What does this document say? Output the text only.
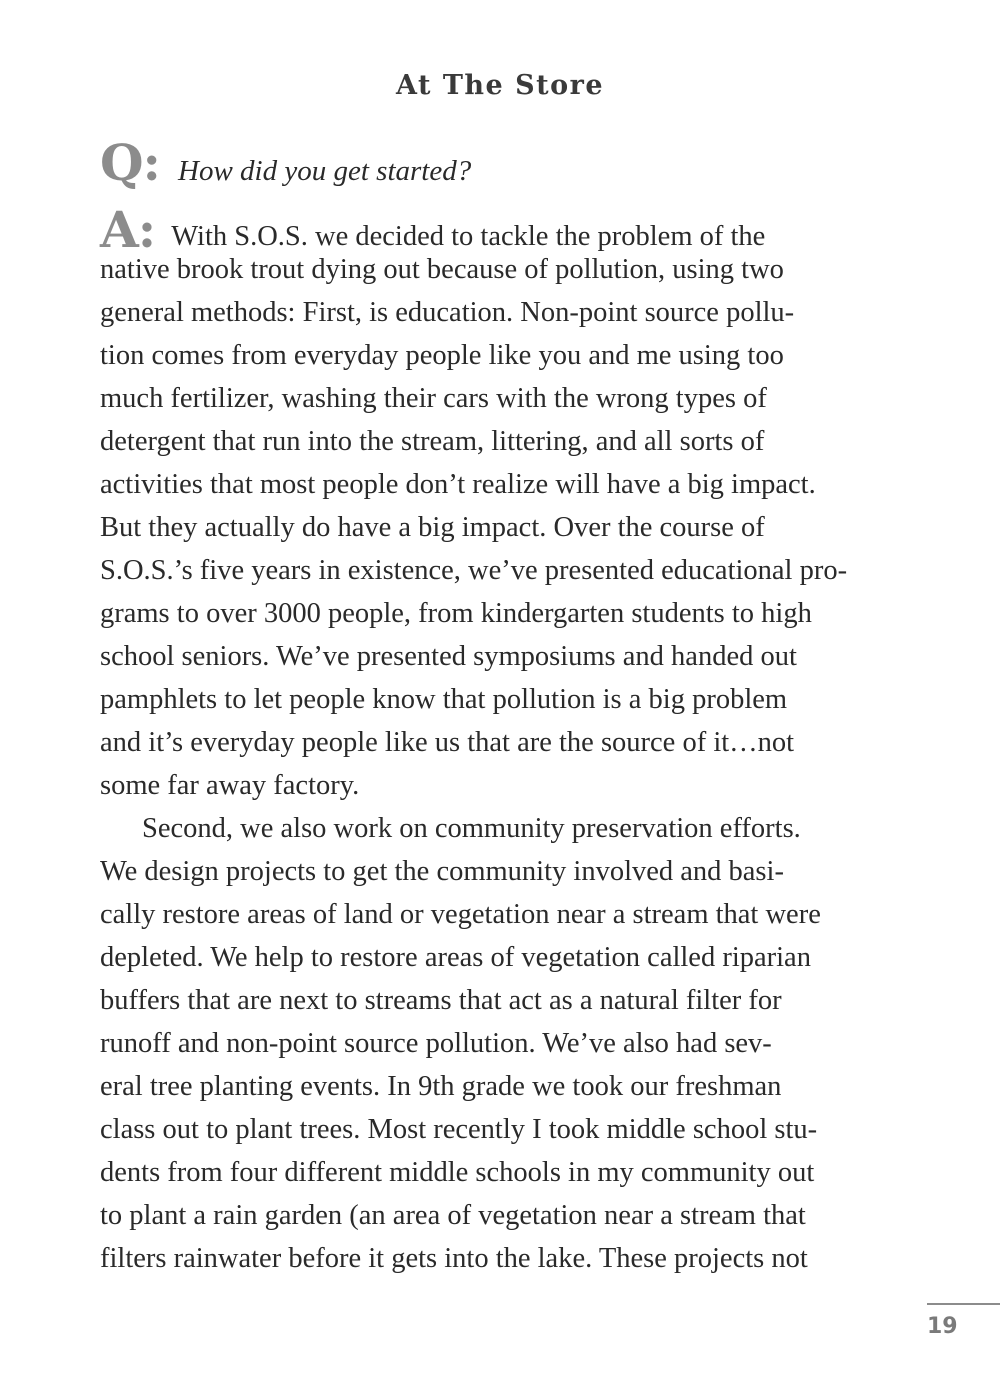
At The Store
Q: How did you get started?
A: With S.O.S. we decided to tackle the problem of the
native brook trout dying out because of pollution, using two
general methods: First, is education. Non-point source pollu-
tion comes from everyday people like you and me using too
much fertilizer, washing their cars with the wrong types of
detergent that run into the stream, littering, and all sorts of
activities that most people don’t realize will have a big impact.
But they actually do have a big impact. Over the course of
S.O.S.’s five years in existence, we’ve presented educational pro-
grams to over 3000 people, from kindergarten students to high
school seniors. We’ve presented symposiums and handed out
pamphlets to let people know that pollution is a big problem
and it’s everyday people like us that are the source of it…not
some far away factory.
Second, we also work on community preservation efforts.
We design projects to get the community involved and basi-
cally restore areas of land or vegetation near a stream that were
depleted. We help to restore areas of vegetation called riparian
buffers that are next to streams that act as a natural filter for
runoff and non-point source pollution. We’ve also had sev-
eral tree planting events. In 9th grade we took our freshman
class out to plant trees. Most recently I took middle school stu-
dents from four different middle schools in my community out
to plant a rain garden (an area of vegetation near a stream that
filters rainwater before it gets into the lake. These projects not
19
